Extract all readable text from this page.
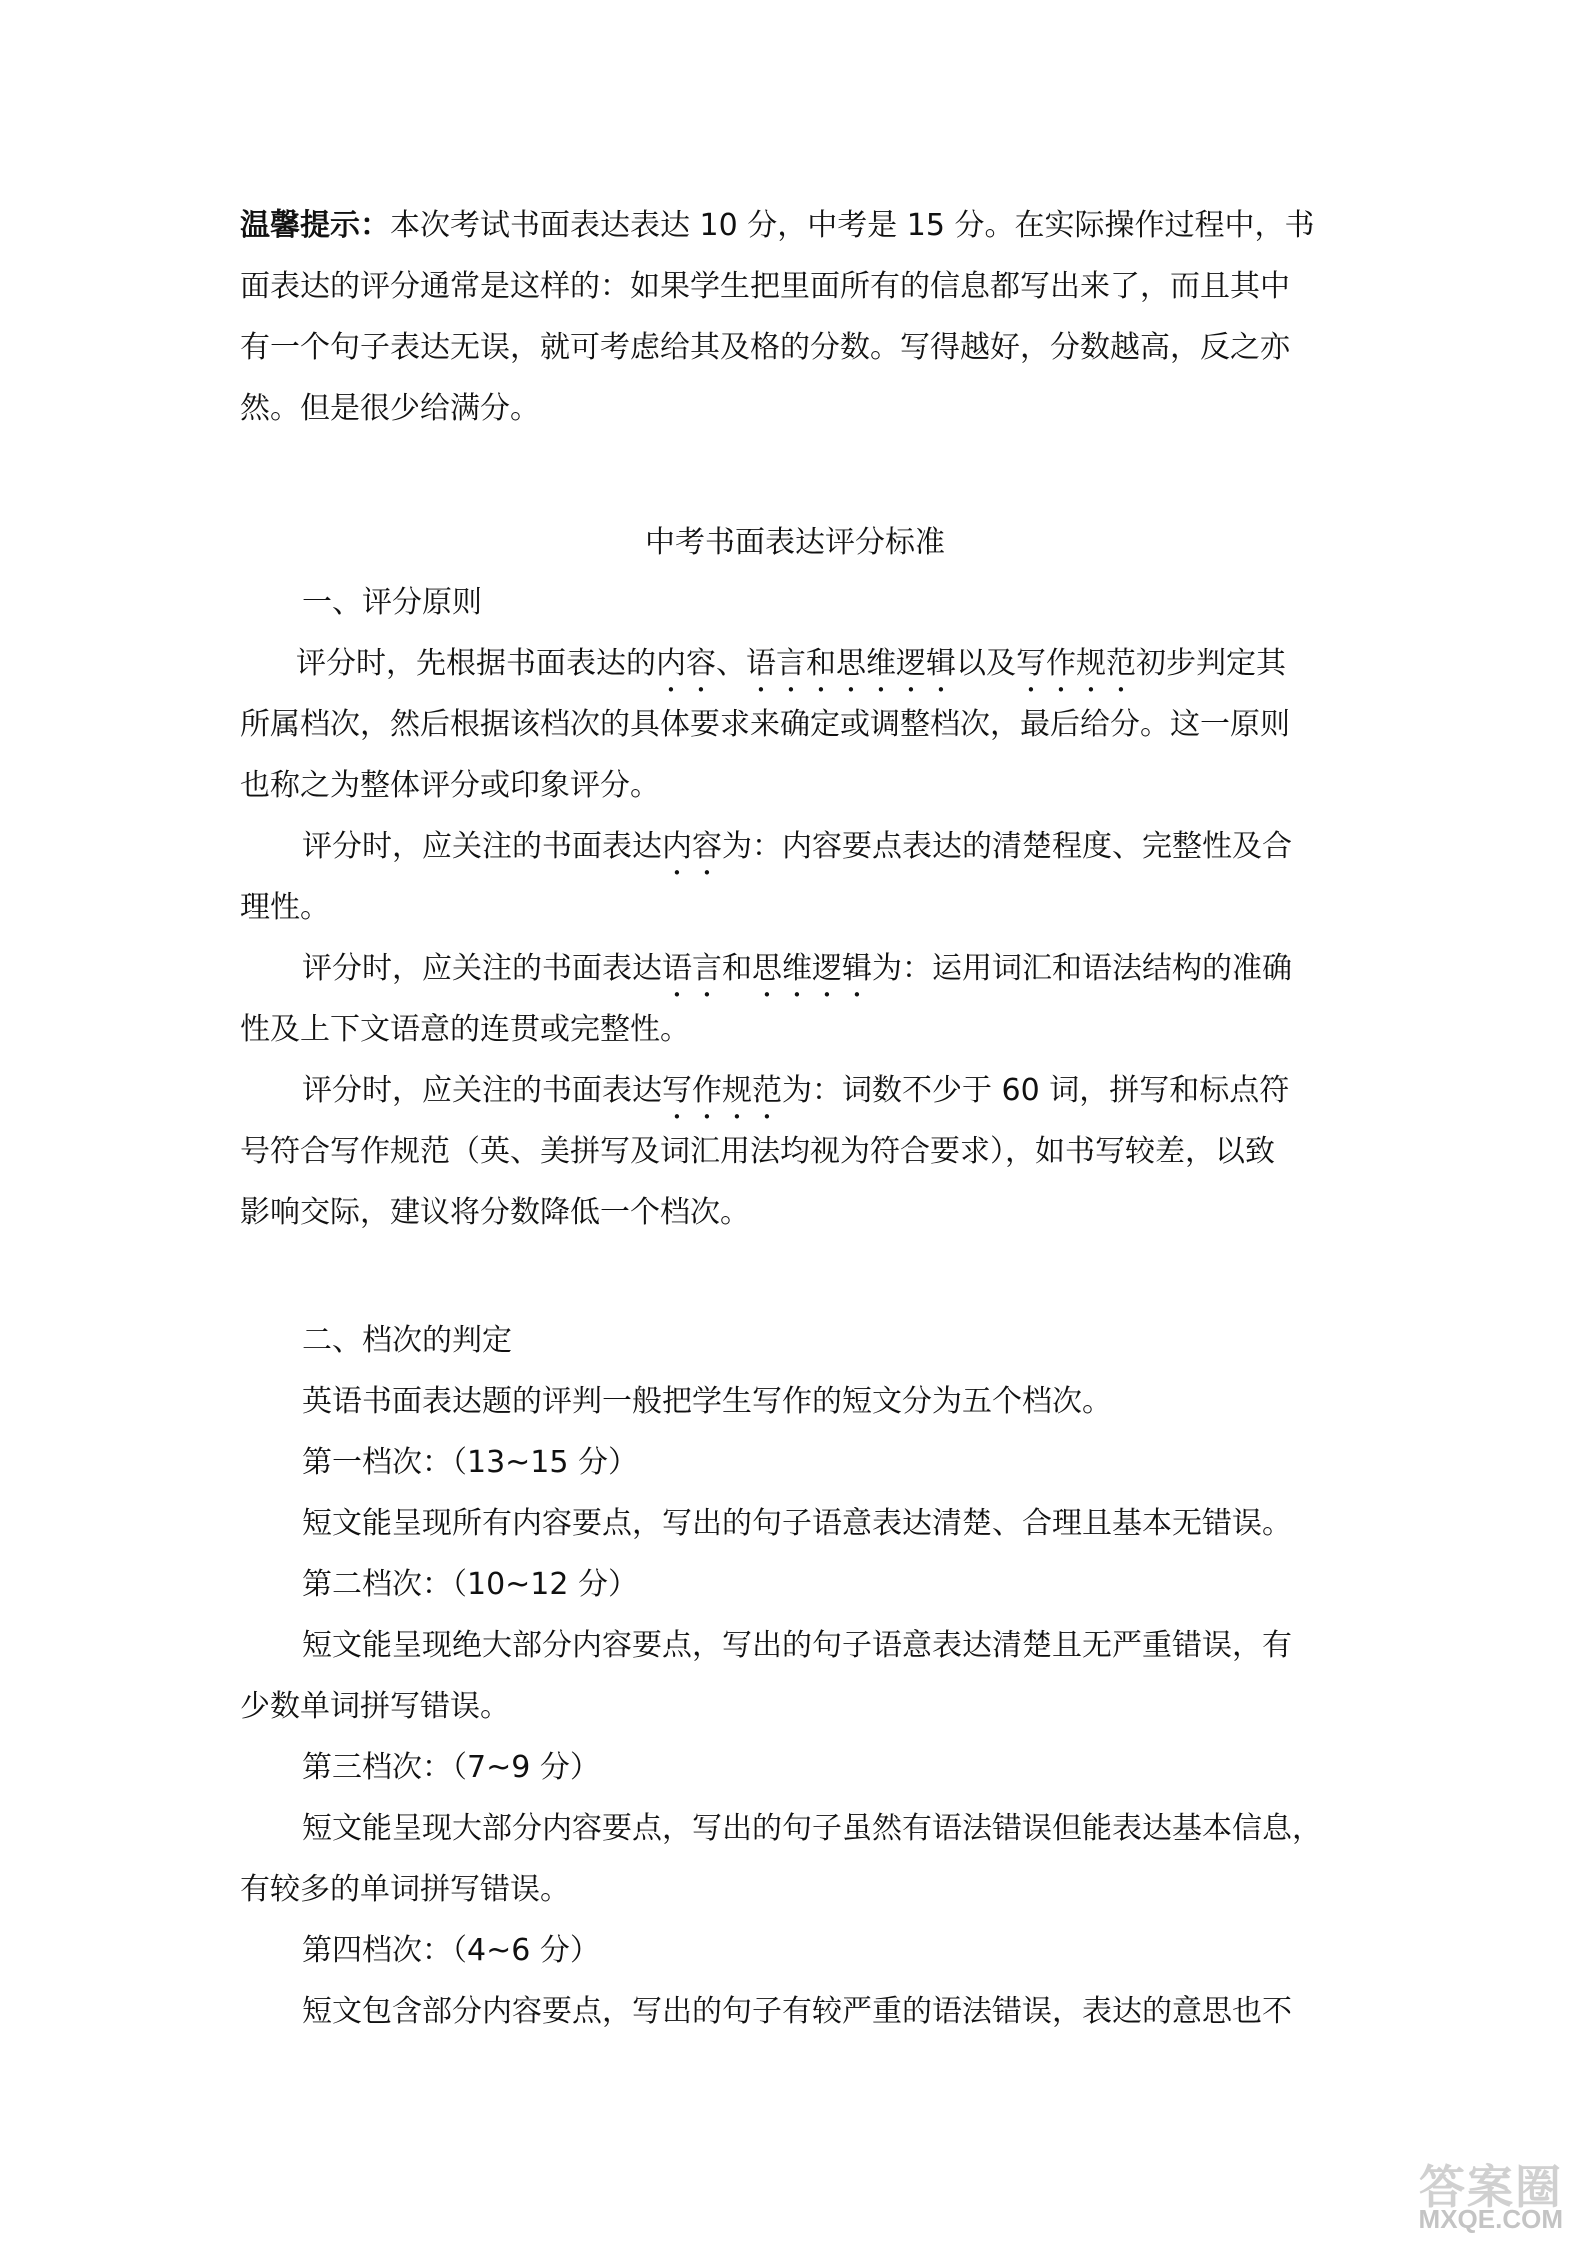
温馨提示：本次考试书面表达表达 10 分，中考是 15 分。在实际操作过程中，书
面表达的评分通常是这样的：如果学生把里面所有的信息都写出来了，而且其中
有一个句子表达无误，就可考虑给其及格的分数。写得越好，分数越高，反之亦
然。但是很少给满分。
中考书面表达评分标准
一、评分原则
评分时，先根据书面表达的内容、语言和思维逻辑以及写作规范初步判定其
所属档次，然后根据该档次的具体要求来确定或调整档次，最后给分。这一原则
也称之为整体评分或印象评分。
评分时，应关注的书面表达内容为：内容要点表达的清楚程度、完整性及合
理性。
评分时，应关注的书面表达语言和思维逻辑为：运用词汇和语法结构的准确
性及上下文语意的连贯或完整性。
评分时，应关注的书面表达写作规范为：词数不少于 60 词，拼写和标点符
号符合写作规范（英、美拼写及词汇用法均视为符合要求），如书写较差，以致
影响交际，建议将分数降低一个档次。
二、档次的判定
英语书面表达题的评判一般把学生写作的短文分为五个档次。
第一档次：（13~15 分）
短文能呈现所有内容要点，写出的句子语意表达清楚、合理且基本无错误。
第二档次：（10~12 分）
短文能呈现绝大部分内容要点，写出的句子语意表达清楚且无严重错误，有
少数单词拼写错误。
第三档次：（7~9 分）
短文能呈现大部分内容要点，写出的句子虽然有语法错误但能表达基本信息，
有较多的单词拼写错误。
第四档次：（4~6 分）
短文包含部分内容要点，写出的句子有较严重的语法错误，表达的意思也不
答案圈
MXQE.COM
